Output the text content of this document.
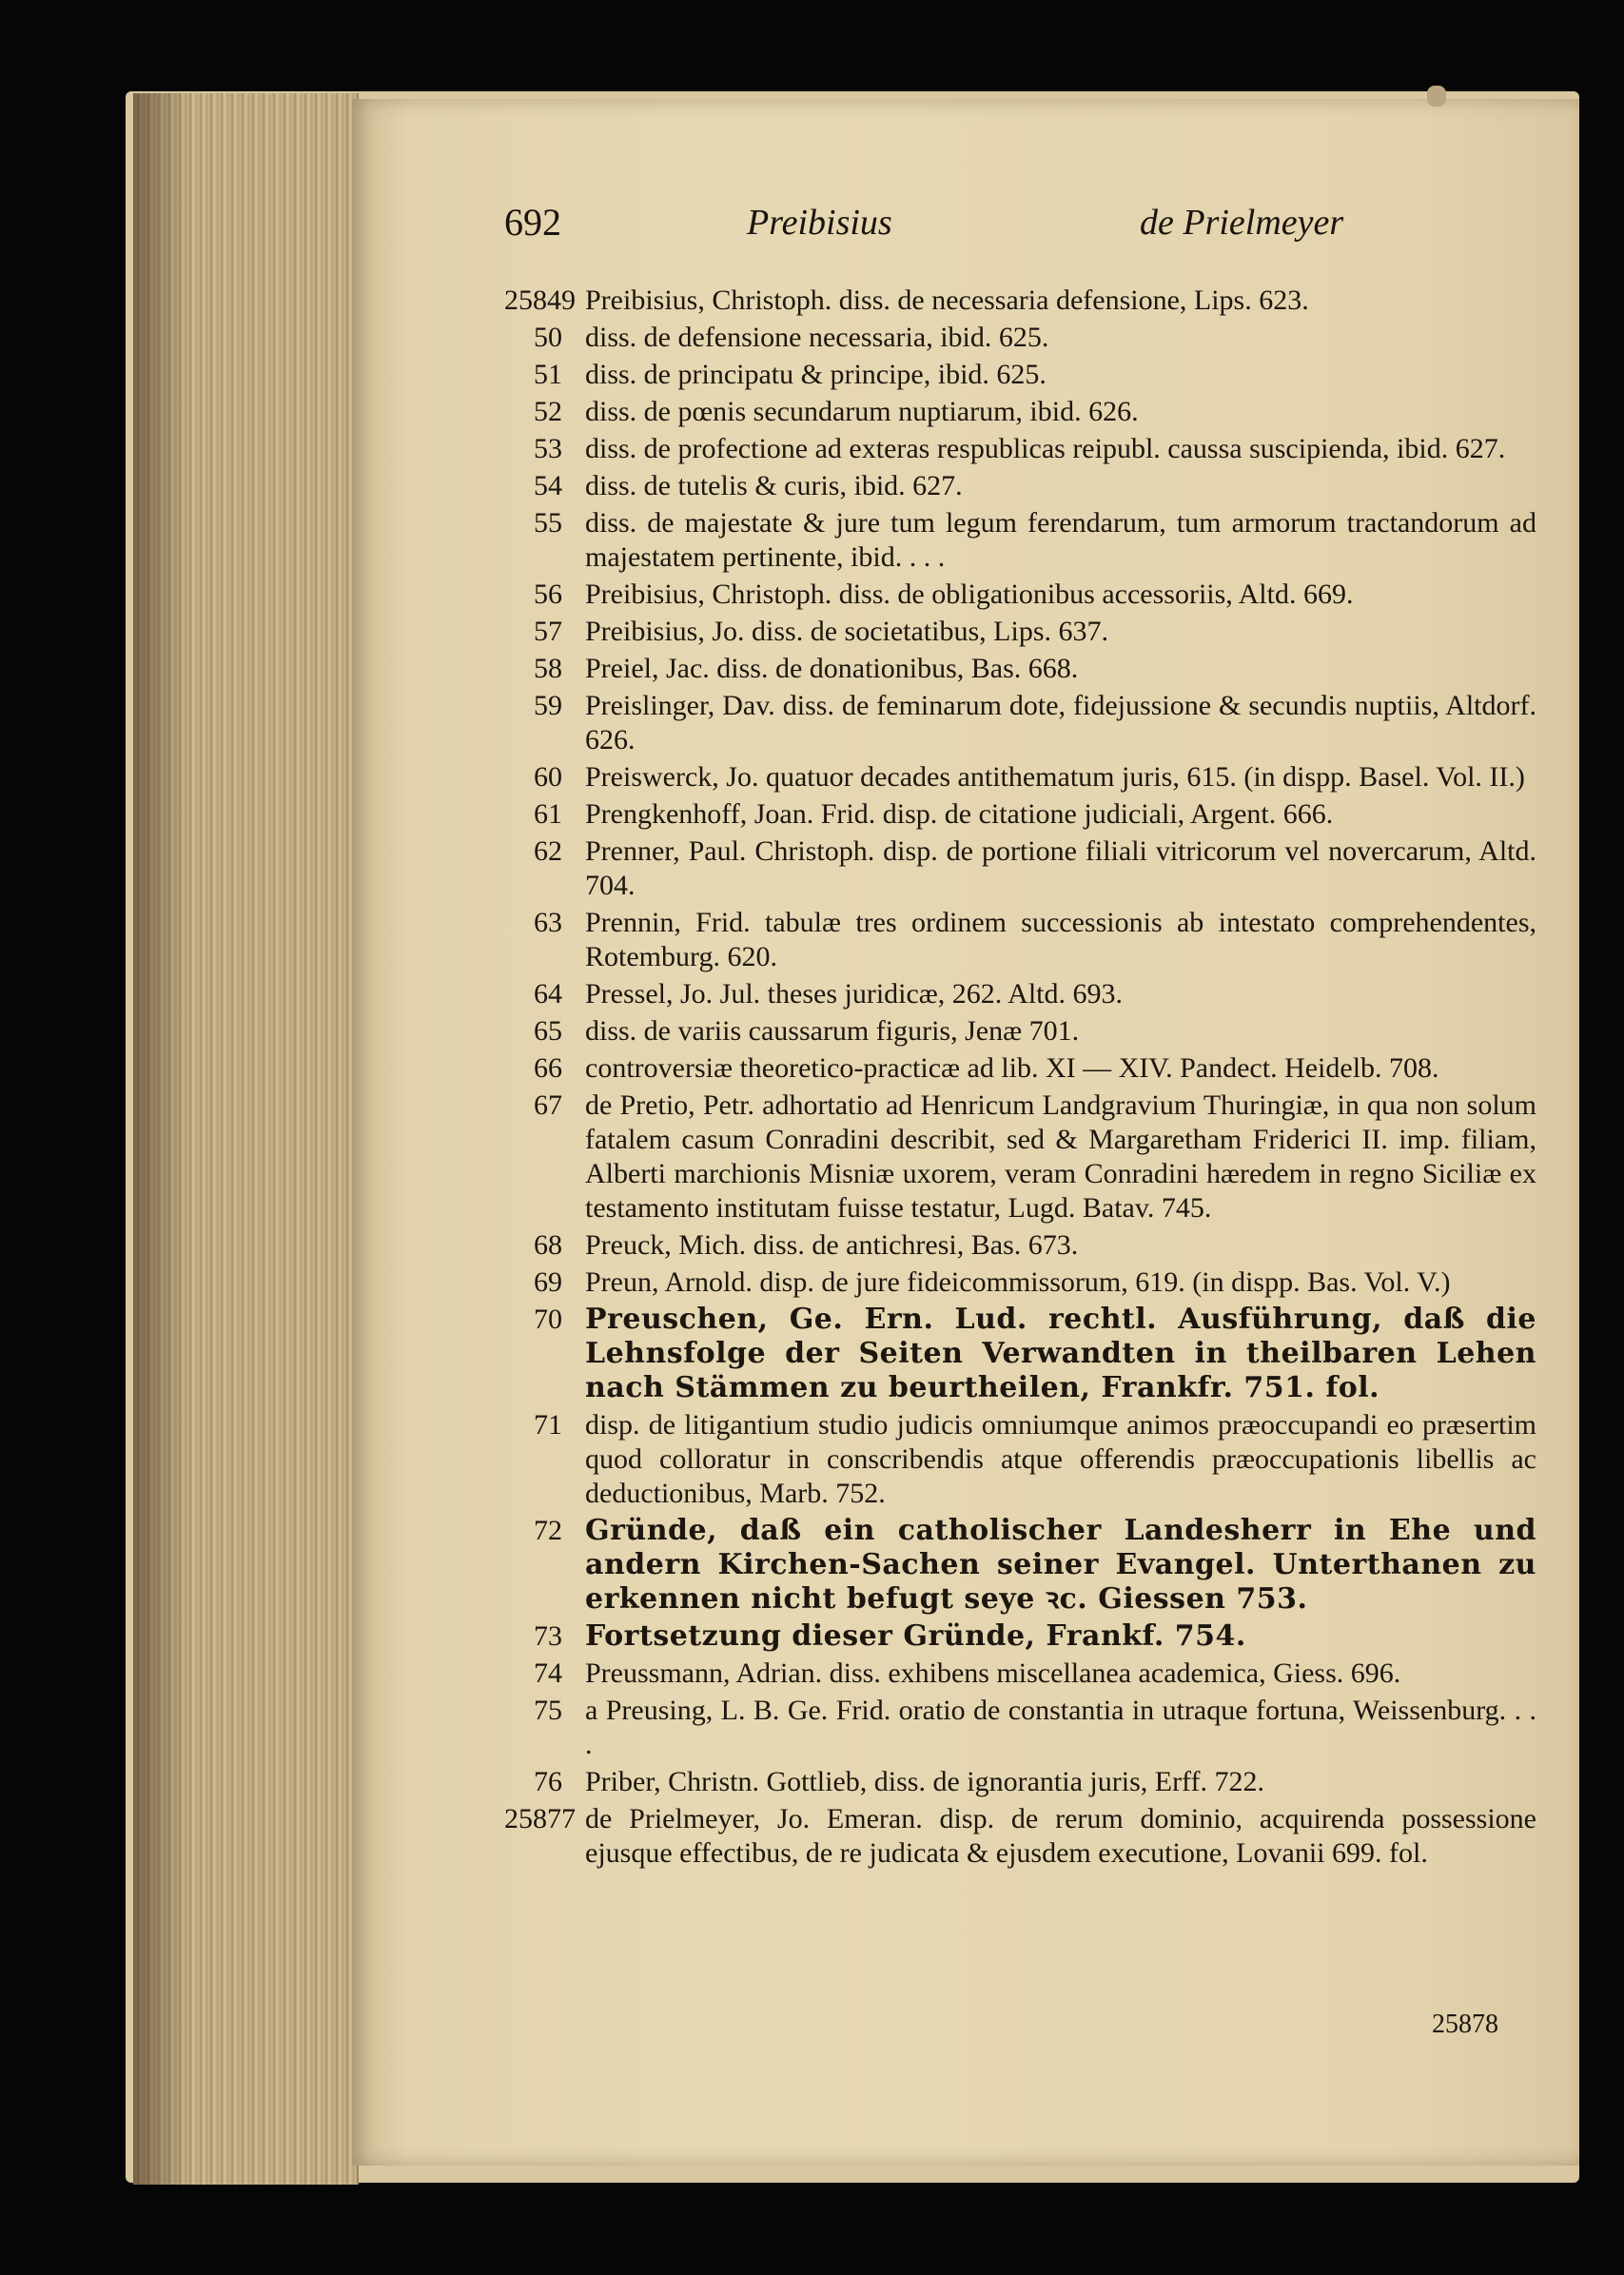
692	Preibisius	de Prielmeyer
25849 Preibisius, Christoph. diss. de necessaria defensione, Lips. 623.
50 diss. de defensione necessaria, ibid. 625.
51 diss. de principatu & principe, ibid. 625.
52 diss. de pœnis secundarum nuptiarum, ibid. 626.
53 diss. de profectione ad exteras respublicas reipubl. caussa suscipienda, ibid. 627.
54 diss. de tutelis & curis, ibid. 627.
55 diss. de majestate & jure tum legum ferendarum, tum armorum tractandorum ad majestatem pertinente, ibid. . . .
56 Preibisius, Christoph. diss. de obligationibus accessoriis, Altd. 669.
57 Preibisius, Jo. diss. de societatibus, Lips. 637.
58 Preiel, Jac. diss. de donationibus, Bas. 668.
59 Preislinger, Dav. diss. de feminarum dote, fidejussione & secundis nuptiis, Altdorf. 626.
60 Preiswerck, Jo. quatuor decades antithematum juris, 615. (in dispp. Basel. Vol. II.)
61 Prengkenhoff, Joan. Frid. disp. de citatione judiciali, Argent. 666.
62 Prenner, Paul. Christoph. disp. de portione filiali vitricorum vel novercarum, Altd. 704.
63 Prennin, Frid. tabulæ tres ordinem successionis ab intestato comprehendentes, Rotemburg. 620.
64 Pressel, Jo. Jul. theses juridicæ, 262. Altd. 693.
65 diss. de variis caussarum figuris, Jenæ 701.
66 controversiæ theoretico-practicæ ad lib. XI — XIV. Pandect. Heidelb. 708.
67 de Pretio, Petr. adhortatio ad Henricum Landgravium Thuringiæ, in qua non solum fatalem casum Conradini describit, sed & Margaretham Friderici II. imp. filiam, Alberti marchionis Misniæ uxorem, veram Conradini hæredem in regno Siciliæ ex testamento institutam fuisse testatur, Lugd. Batav. 745.
68 Preuck, Mich. diss. de antichresi, Bas. 673.
69 Preun, Arnold. disp. de jure fideicommissorum, 619. (in dispp. Bas. Vol. V.)
70 Preuschen, Ge. Ern. Lud. rechtl. Ausführung, daß die Lehnsfolge der Seiten Verwandten in theilbaren Lehen nach Stämmen zu beurtheilen, Frankfr. 751. fol.
71 disp. de litigantium studio judicis omniumque animos præoccupandi eo præsertim quod colloratur in conscribendis atque offerendis præoccupationis libellis ac deductionibus, Marb. 752.
72 Gründe, daß ein catholischer Landesherr in Ehe und andern Kirchen-Sachen seiner Evangel. Unterthanen zu erkennen nicht befugt seye ꝛc. Giessen 753.
73 Fortsetzung dieser Gründe, Frankf. 754.
74 Preussmann, Adrian. diss. exhibens miscellanea academica, Giess. 696.
75 a Preusing, L. B. Ge. Frid. oratio de constantia in utraque fortuna, Weissenburg. . . .
76 Priber, Christn. Gottlieb, diss. de ignorantia juris, Erff. 722.
25877 de Prielmeyer, Jo. Emeran. disp. de rerum dominio, acquirenda possessione ejusque effectibus, de re judicata & ejusdem executione, Lovanii 699. fol.
25878
